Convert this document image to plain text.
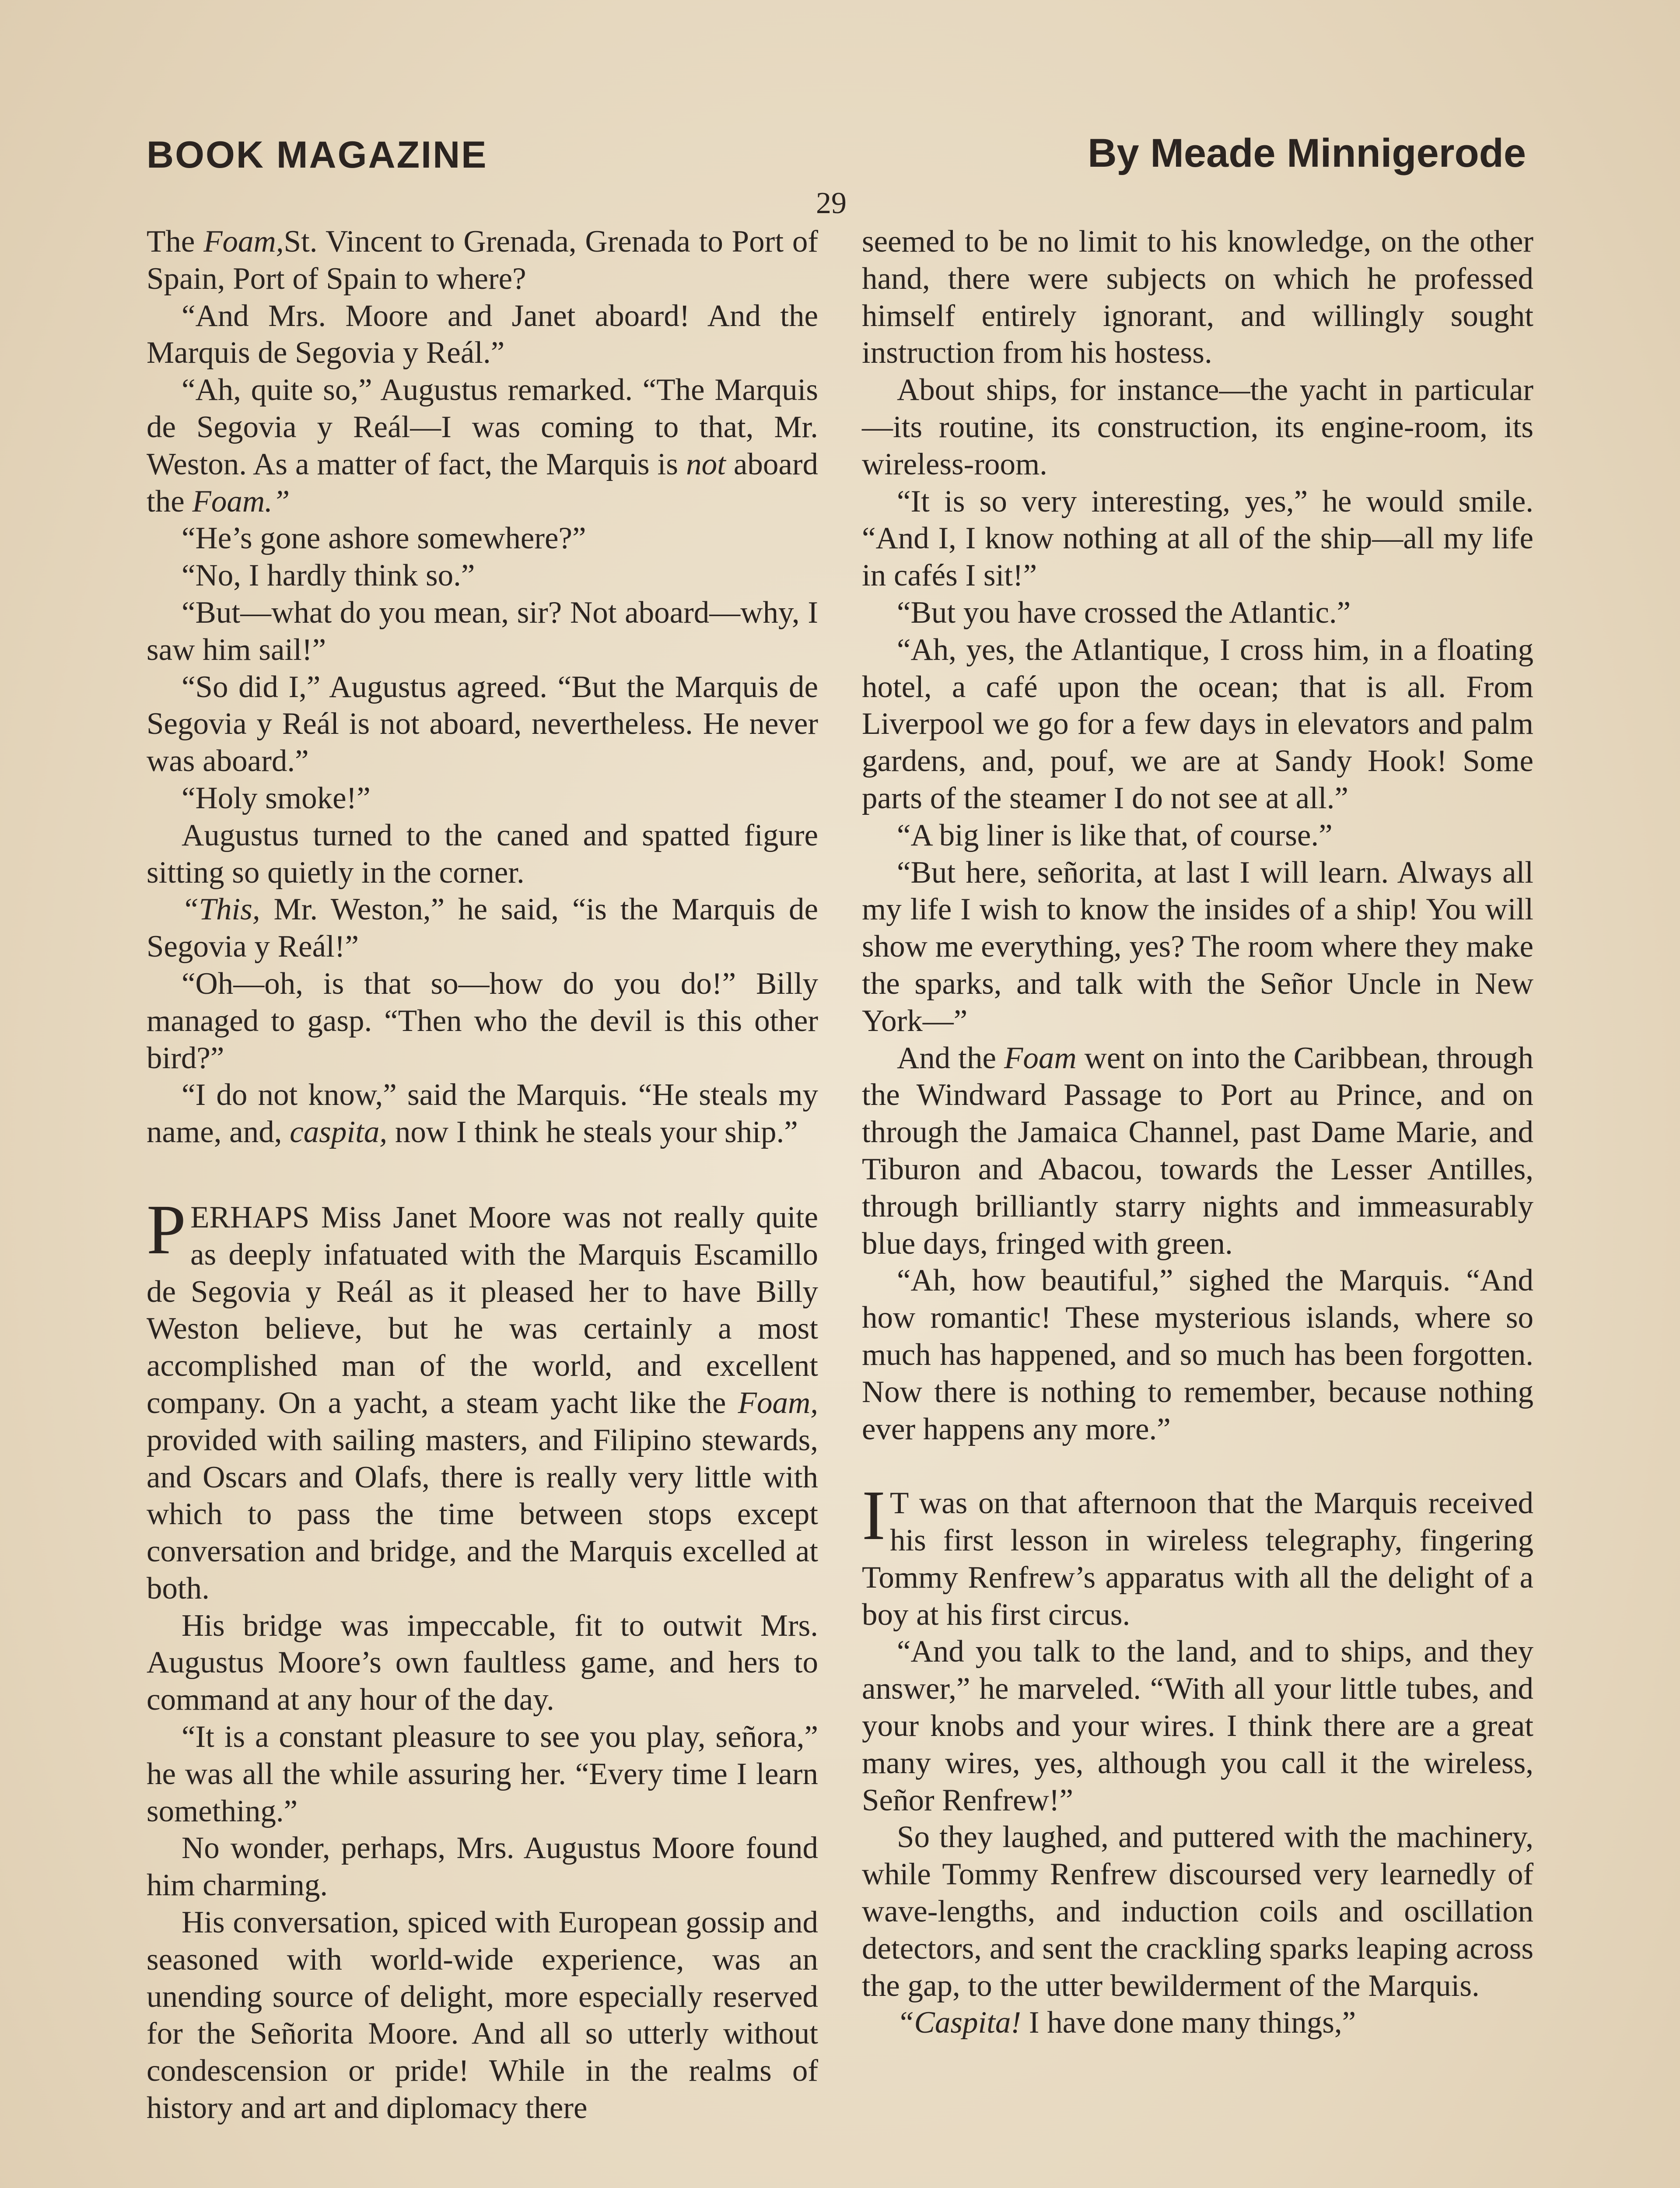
BOOK MAGAZINE	By Meade Minnigerode
29

The Foam,St. Vincent to Grenada, Grenada to Port of Spain, Port of Spain to where?

“And Mrs. Moore and Janet aboard! And the Marquis de Segovia y Reál.”

“Ah, quite so,” Augustus remarked. “The Marquis de Segovia y Reál—I was coming to that, Mr. Weston. As a matter of fact, the Marquis is not aboard the Foam.”

“He’s gone ashore somewhere?”

“No, I hardly think so.”

“But—what do you mean, sir? Not aboard—why, I saw him sail!”

“So did I,” Augustus agreed. “But the Marquis de Segovia y Reál is not aboard, nevertheless. He never was aboard.”

“Holy smoke!”

Augustus turned to the caned and spatted figure sitting so quietly in the corner.

“This, Mr. Weston,” he said, “is the Marquis de Segovia y Reál!”

“Oh—oh, is that so—how do you do!” Billy managed to gasp. “Then who the devil is this other bird?”

“I do not know,” said the Marquis. “He steals my name, and, caspita, now I think he steals your ship.”

PERHAPS Miss Janet Moore was not really quite as deeply infatuated with the Marquis Escamillo de Segovia y Reál as it pleased her to have Billy Weston believe, but he was certainly a most accomplished man of the world, and excellent company. On a yacht, a steam yacht like the Foam, provided with sailing masters, and Filipino stewards, and Oscars and Olafs, there is really very little with which to pass the time between stops except conversation and bridge, and the Marquis excelled at both.

His bridge was impeccable, fit to outwit Mrs. Augustus Moore’s own faultless game, and hers to command at any hour of the day.

“It is a constant pleasure to see you play, señora,” he was all the while assuring her. “Every time I learn something.”

No wonder, perhaps, Mrs. Augustus Moore found him charming.

His conversation, spiced with European gossip and seasoned with world-wide experience, was an unending source of delight, more especially reserved for the Señorita Moore. And all so utterly without condescension or pride! While in the realms of history and art and diplomacy there

seemed to be no limit to his knowledge, on the other hand, there were subjects on which he professed himself entirely ignorant, and willingly sought instruction from his hostess.

About ships, for instance—the yacht in particular—its routine, its construction, its engine-room, its wireless-room.

“It is so very interesting, yes,” he would smile. “And I, I know nothing at all of the ship—all my life in cafés I sit!”

“But you have crossed the Atlantic.”

“Ah, yes, the Atlantique, I cross him, in a floating hotel, a café upon the ocean; that is all. From Liverpool we go for a few days in elevators and palm gardens, and, pouf, we are at Sandy Hook! Some parts of the steamer I do not see at all.”

“A big liner is like that, of course.”

“But here, señorita, at last I will learn. Always all my life I wish to know the insides of a ship! You will show me everything, yes? The room where they make the sparks, and talk with the Señor Uncle in New York—”

And the Foam went on into the Caribbean, through the Windward Passage to Port au Prince, and on through the Jamaica Channel, past Dame Marie, and Tiburon and Abacou, towards the Lesser Antilles, through brilliantly starry nights and immeasurably blue days, fringed with green.

“Ah, how beautiful,” sighed the Marquis. “And how romantic! These mysterious islands, where so much has happened, and so much has been forgotten. Now there is nothing to remember, because nothing ever happens any more.”

I T was on that afternoon that the Marquis received his first lesson in wireless telegraphy, fingering Tommy Renfrew’s apparatus with all the delight of a boy at his first circus.

“And you talk to the land, and to ships, and they answer,” he marveled. “With all your little tubes, and your knobs and your wires. I think there are a great many wires, yes, although you call it the wireless, Señor Renfrew!”

So they laughed, and puttered with the machinery, while Tommy Renfrew discoursed very learnedly of wave-lengths, and induction coils and oscillation detectors, and sent the crackling sparks leaping across the gap, to the utter bewilderment of the Marquis.

“Caspita! I have done many things,”
